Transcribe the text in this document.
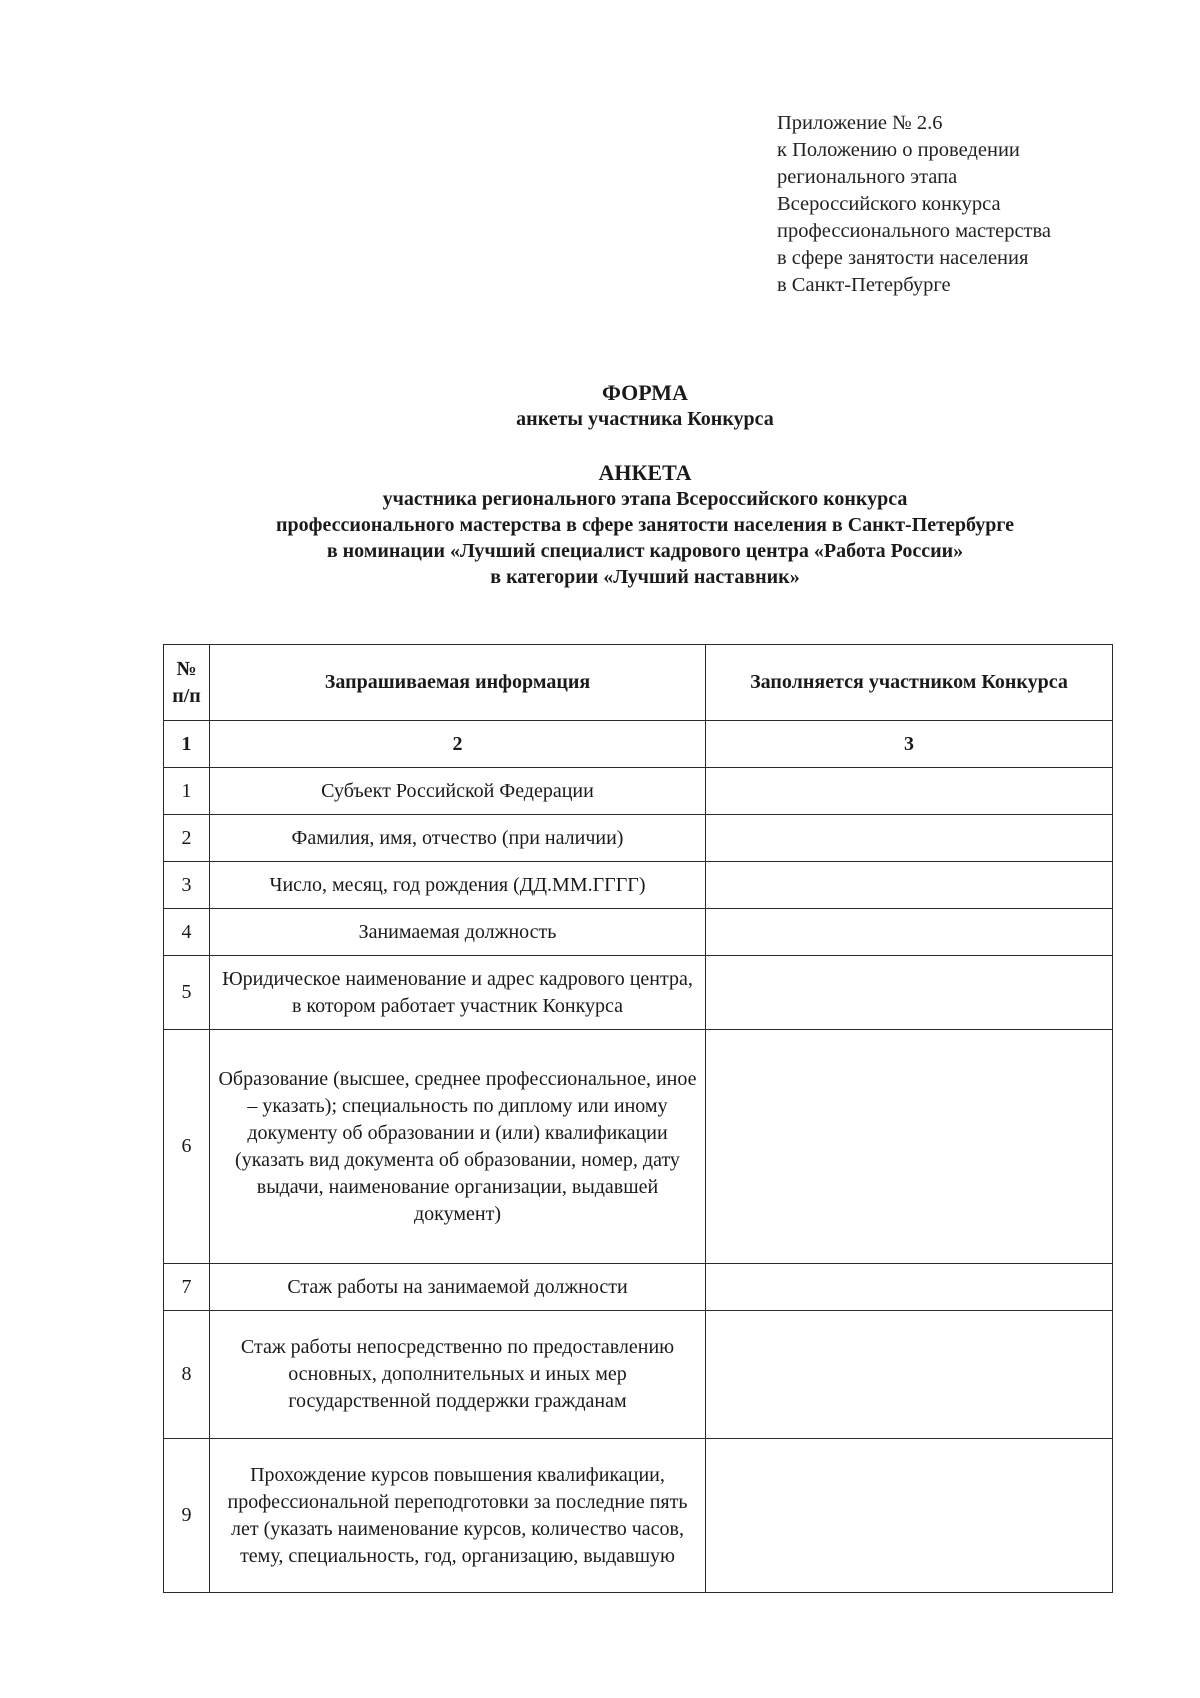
Приложение № 2.6
к Положению о проведении
регионального этапа
Всероссийского конкурса
профессионального мастерства
в сфере занятости населения
в Санкт-Петербурге
ФОРМА
анкеты участника Конкурса
АНКЕТА
участника регионального этапа Всероссийского конкурса
профессионального мастерства в сфере занятости населения в Санкт-Петербурге
в номинации «Лучший специалист кадрового центра «Работа России»
в категории «Лучший наставник»
№ п/п	Запрашиваемая информация	Заполняется участником Конкурса
1	2	3
1	Субъект Российской Федерации	
2	Фамилия, имя, отчество (при наличии)	
3	Число, месяц, год рождения (ДД.ММ.ГГГГ)	
4	Занимаемая должность	
5	Юридическое наименование и адрес кадрового центра, в котором работает участник Конкурса	
6	Образование (высшее, среднее профессиональное, иное – указать); специальность по диплому или иному документу об образовании и (или) квалификации (указать вид документа об образовании, номер, дату выдачи, наименование организации, выдавшей документ)	
7	Стаж работы на занимаемой должности	
8	Стаж работы непосредственно по предоставлению основных, дополнительных и иных мер государственной поддержки гражданам	
9	Прохождение курсов повышения квалификации, профессиональной переподготовки за последние пять лет (указать наименование курсов, количество часов, тему, специальность, год, организацию, выдавшую	
